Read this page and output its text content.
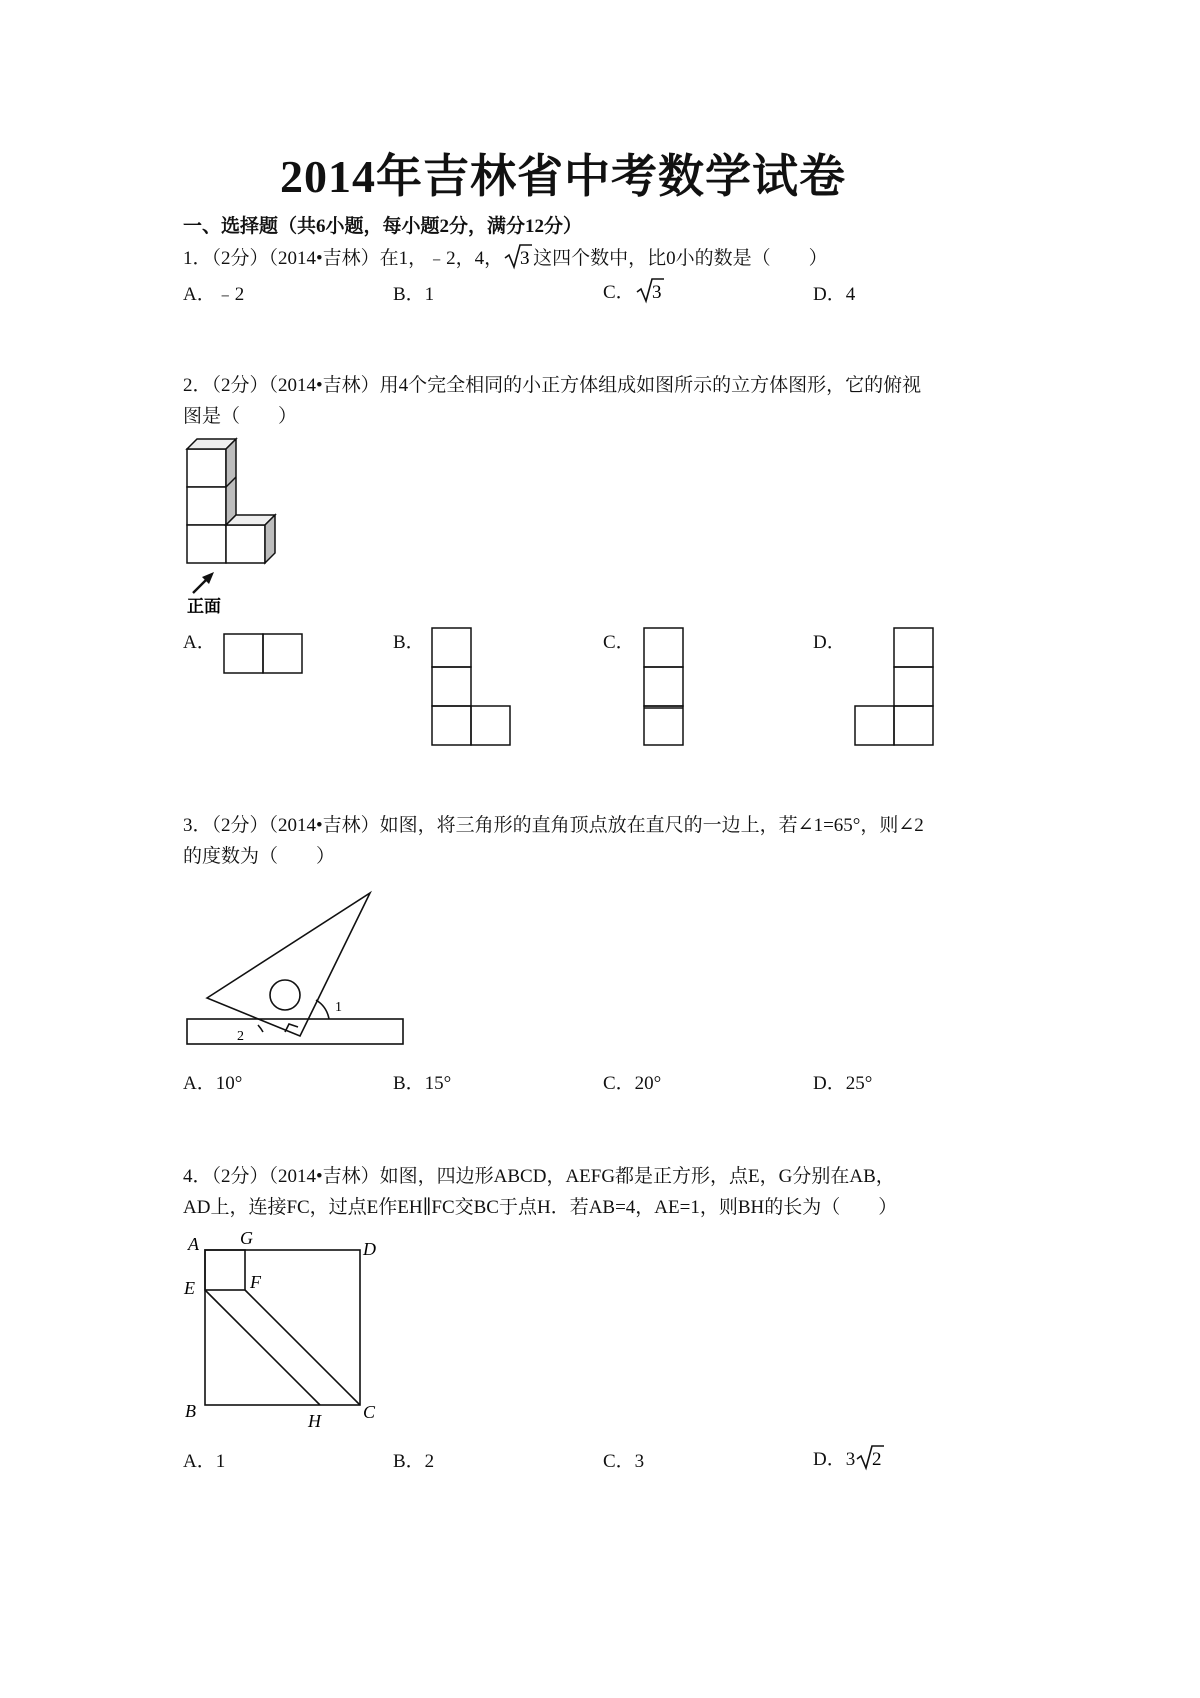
2014年吉林省中考数学试卷
一、选择题（共6小题，每小题2分，满分12分）
1．（2分）（2014•吉林）在1，﹣2，4， 3 这四个数中，比0小的数是（　　）
A．﹣2	B．1	C． 3	D．4
2．（2分）（2014•吉林）用4个完全相同的小正方体组成如图所示的立方体图形，它的俯视
图是（　　）
正面
A．	B．	C．	D．
3．（2分）（2014•吉林）如图，将三角形的直角顶点放在直尺的一边上，若∠1=65°，则∠2
的度数为（　　）
1
2
A．10°	B．15°	C．20°	D．25°
4．（2分）（2014•吉林）如图，四边形ABCD，AEFG都是正方形，点E，G分别在AB，
AD上，连接FC，过点E作EH∥FC交BC于点H．若AB=4，AE=1，则BH的长为（　　）
A G
D
E	F
B	H C
A．1	B．2	C．3	D．3 2
